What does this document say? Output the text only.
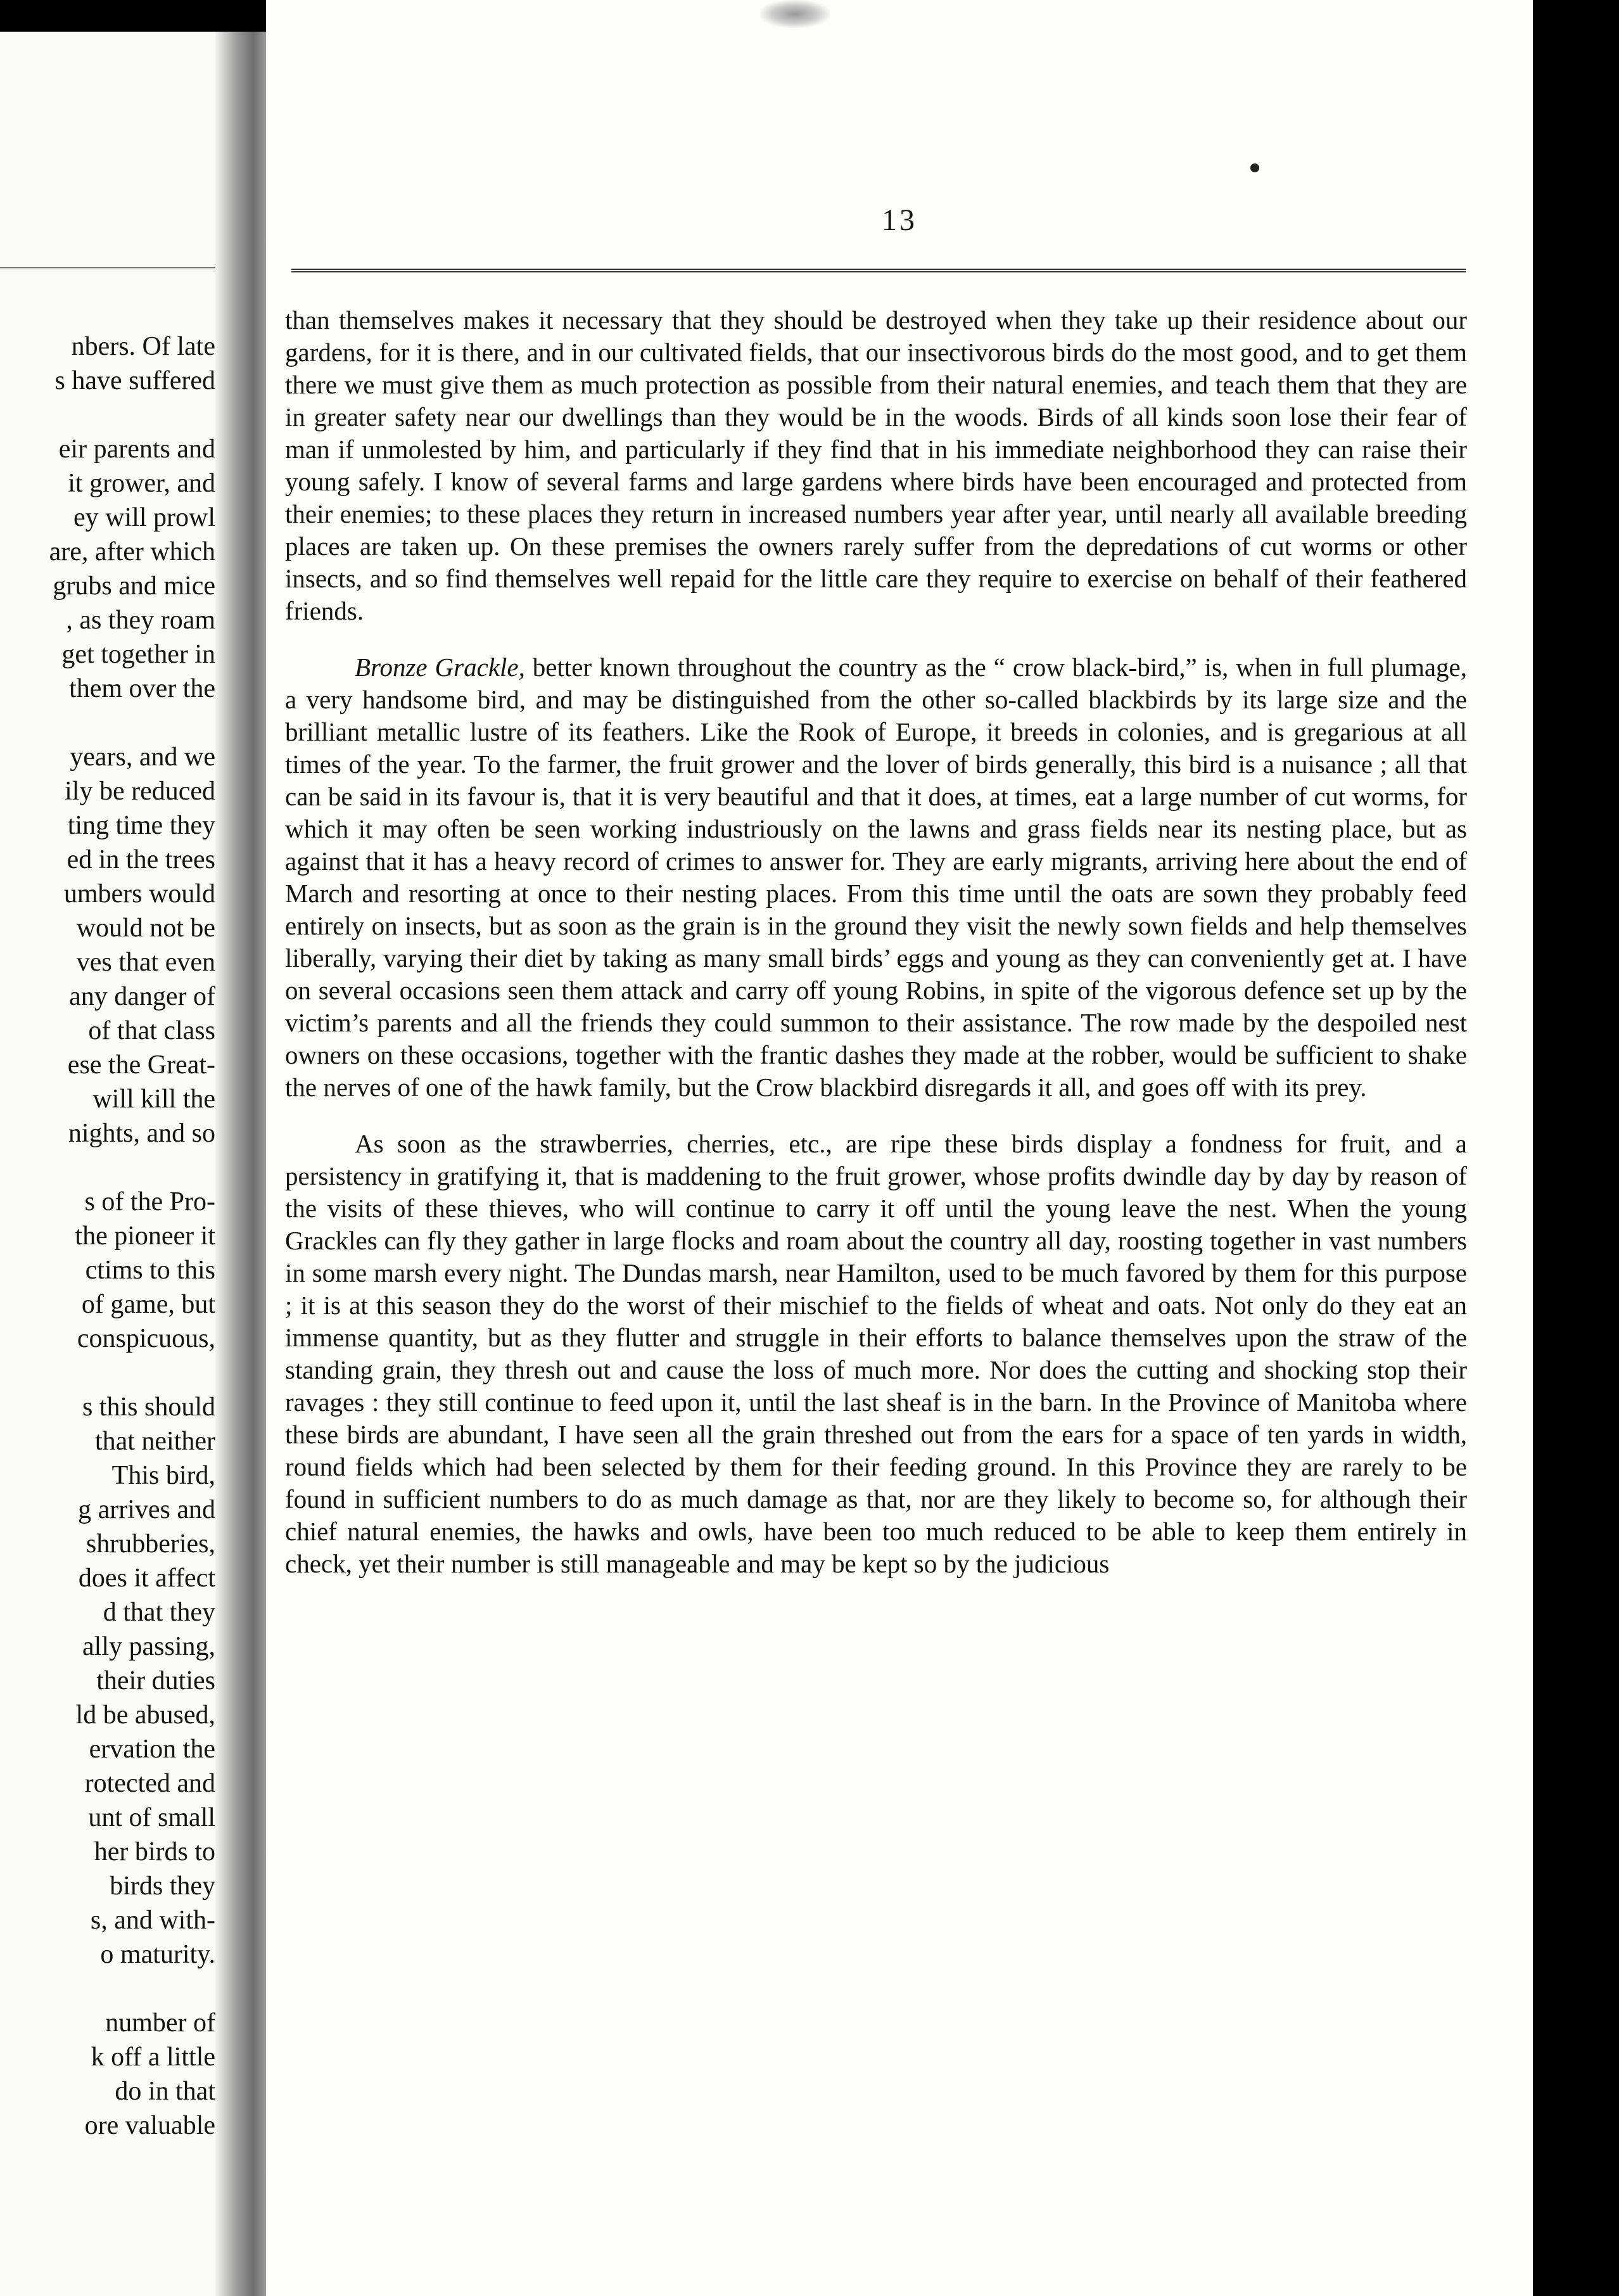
nbers. Of late
s have suffered
eir parents and
it grower, and
ey will prowl
are, after which
grubs and mice
, as they roam
get together in
them over the
years, and we
ily be reduced
ting time they
ed in the trees
umbers would
would not be
ves that even
any danger of
of that class
ese the Great-
will kill the
nights, and so
s of the Pro-
the pioneer it
ctims to this
of game, but
conspicuous,
s this should
that neither
This bird,
g arrives and
shrubberies,
does it affect
d that they
ally passing,
their duties
ld be abused,
ervation the
rotected and
unt of small
her birds to
birds they
s, and with-
o maturity.
number of
k off a little
do in that
ore valuable
13

than themselves makes it necessary that they should be destroyed when they take up their residence about our gardens, for it is there, and in our cultivated fields, that our insectivorous birds do the most good, and to get them there we must give them as much protection as possible from their natural enemies, and teach them that they are in greater safety near our dwellings than they would be in the woods. Birds of all kinds soon lose their fear of man if unmolested by him, and particularly if they find that in his immediate neighborhood they can raise their young safely. I know of several farms and large gardens where birds have been encouraged and protected from their enemies; to these places they return in increased numbers year after year, until nearly all available breeding places are taken up. On these premises the owners rarely suffer from the depredations of cut worms or other insects, and so find themselves well repaid for the little care they require to exercise on behalf of their feathered friends.

Bronze Grackle, better known throughout the country as the “ crow black-bird,” is, when in full plumage, a very handsome bird, and may be distinguished from the other so-called blackbirds by its large size and the brilliant metallic lustre of its feathers. Like the Rook of Europe, it breeds in colonies, and is gregarious at all times of the year. To the farmer, the fruit grower and the lover of birds generally, this bird is a nuisance ; all that can be said in its favour is, that it is very beautiful and that it does, at times, eat a large number of cut worms, for which it may often be seen working industriously on the lawns and grass fields near its nesting place, but as against that it has a heavy record of crimes to answer for. They are early migrants, arriving here about the end of March and resorting at once to their nesting places. From this time until the oats are sown they probably feed entirely on insects, but as soon as the grain is in the ground they visit the newly sown fields and help themselves liberally, varying their diet by taking as many small birds’ eggs and young as they can conveniently get at. I have on several occasions seen them attack and carry off young Robins, in spite of the vigorous defence set up by the victim’s parents and all the friends they could summon to their assistance. The row made by the despoiled nest owners on these occasions, together with the frantic dashes they made at the robber, would be sufficient to shake the nerves of one of the hawk family, but the Crow blackbird disregards it all, and goes off with its prey.

As soon as the strawberries, cherries, etc., are ripe these birds display a fondness for fruit, and a persistency in gratifying it, that is maddening to the fruit grower, whose profits dwindle day by day by reason of the visits of these thieves, who will continue to carry it off until the young leave the nest. When the young Grackles can fly they gather in large flocks and roam about the country all day, roosting together in vast numbers in some marsh every night. The Dundas marsh, near Hamilton, used to be much favored by them for this purpose ; it is at this season they do the worst of their mischief to the fields of wheat and oats. Not only do they eat an immense quantity, but as they flutter and struggle in their efforts to balance themselves upon the straw of the standing grain, they thresh out and cause the loss of much more. Nor does the cutting and shocking stop their ravages : they still continue to feed upon it, until the last sheaf is in the barn. In the Province of Manitoba where these birds are abundant, I have seen all the grain threshed out from the ears for a space of ten yards in width, round fields which had been selected by them for their feeding ground. In this Province they are rarely to be found in sufficient numbers to do as much damage as that, nor are they likely to become so, for although their chief natural enemies, the hawks and owls, have been too much reduced to be able to keep them entirely in check, yet their number is still manageable and may be kept so by the judicious
